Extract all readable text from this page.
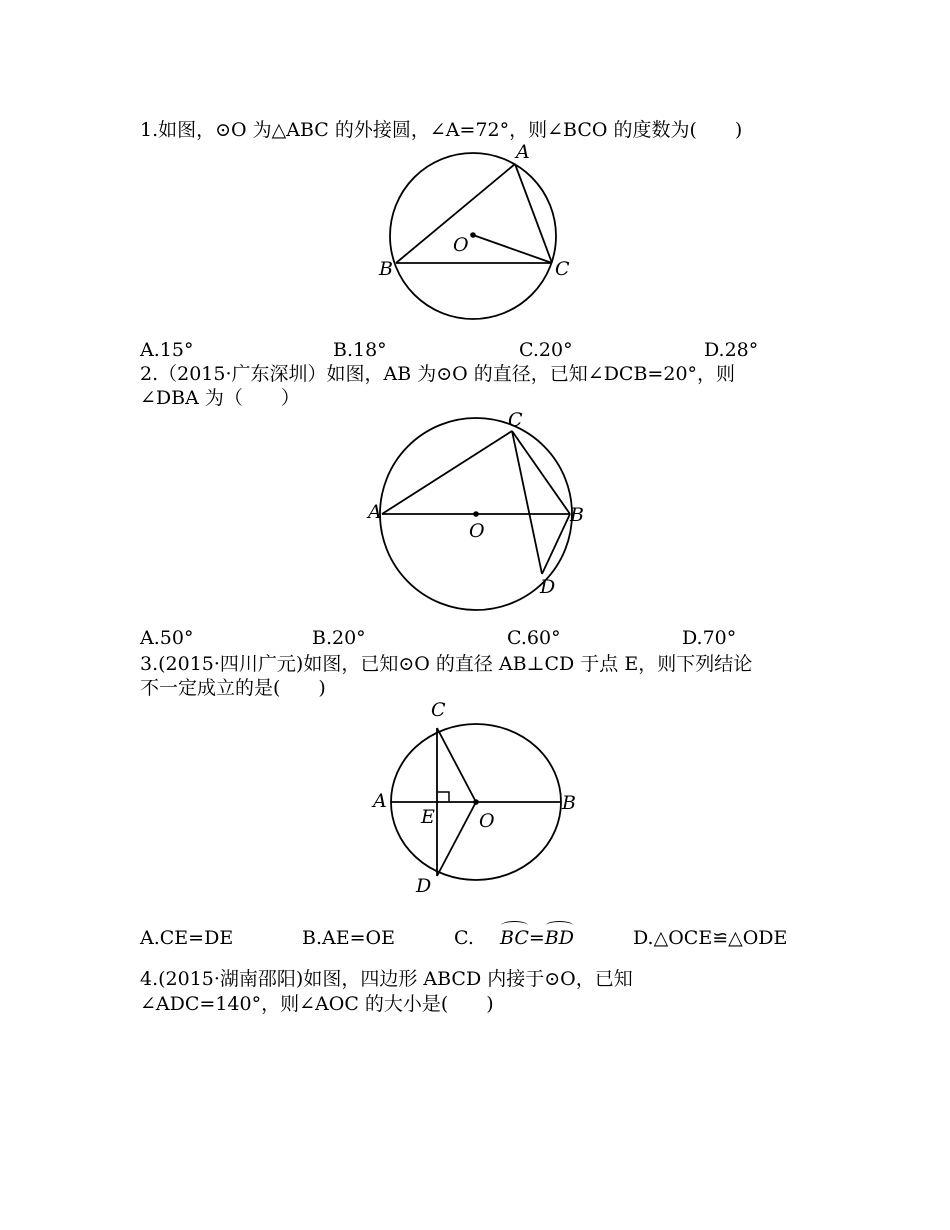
1.如图，⊙O 为△ABC 的外接圆，∠A=72°，则∠BCO 的度数为(　　)
A
B	C
O
A.15°	B.18°	C.20°	D.28°
2.（2015·广东深圳）如图，AB 为⊙O 的直径，已知∠DCB=20°，则
∠DBA 为（　　）
A	B
C
D
O
A.50°	B.20°	C.60°	D.70°
3.(2015·四川广元)如图，已知⊙O 的直径 AB⊥CD 于点 E，则下列结论
不一定成立的是(　　)
A	B
C
D
E O
A.CE=DE	B.AE=OE	C. BC=BD	D.△OCE≌△ODE
4.(2015·湖南邵阳)如图，四边形 ABCD 内接于⊙O，已知
∠ADC=140°，则∠AOC 的大小是(　　)
